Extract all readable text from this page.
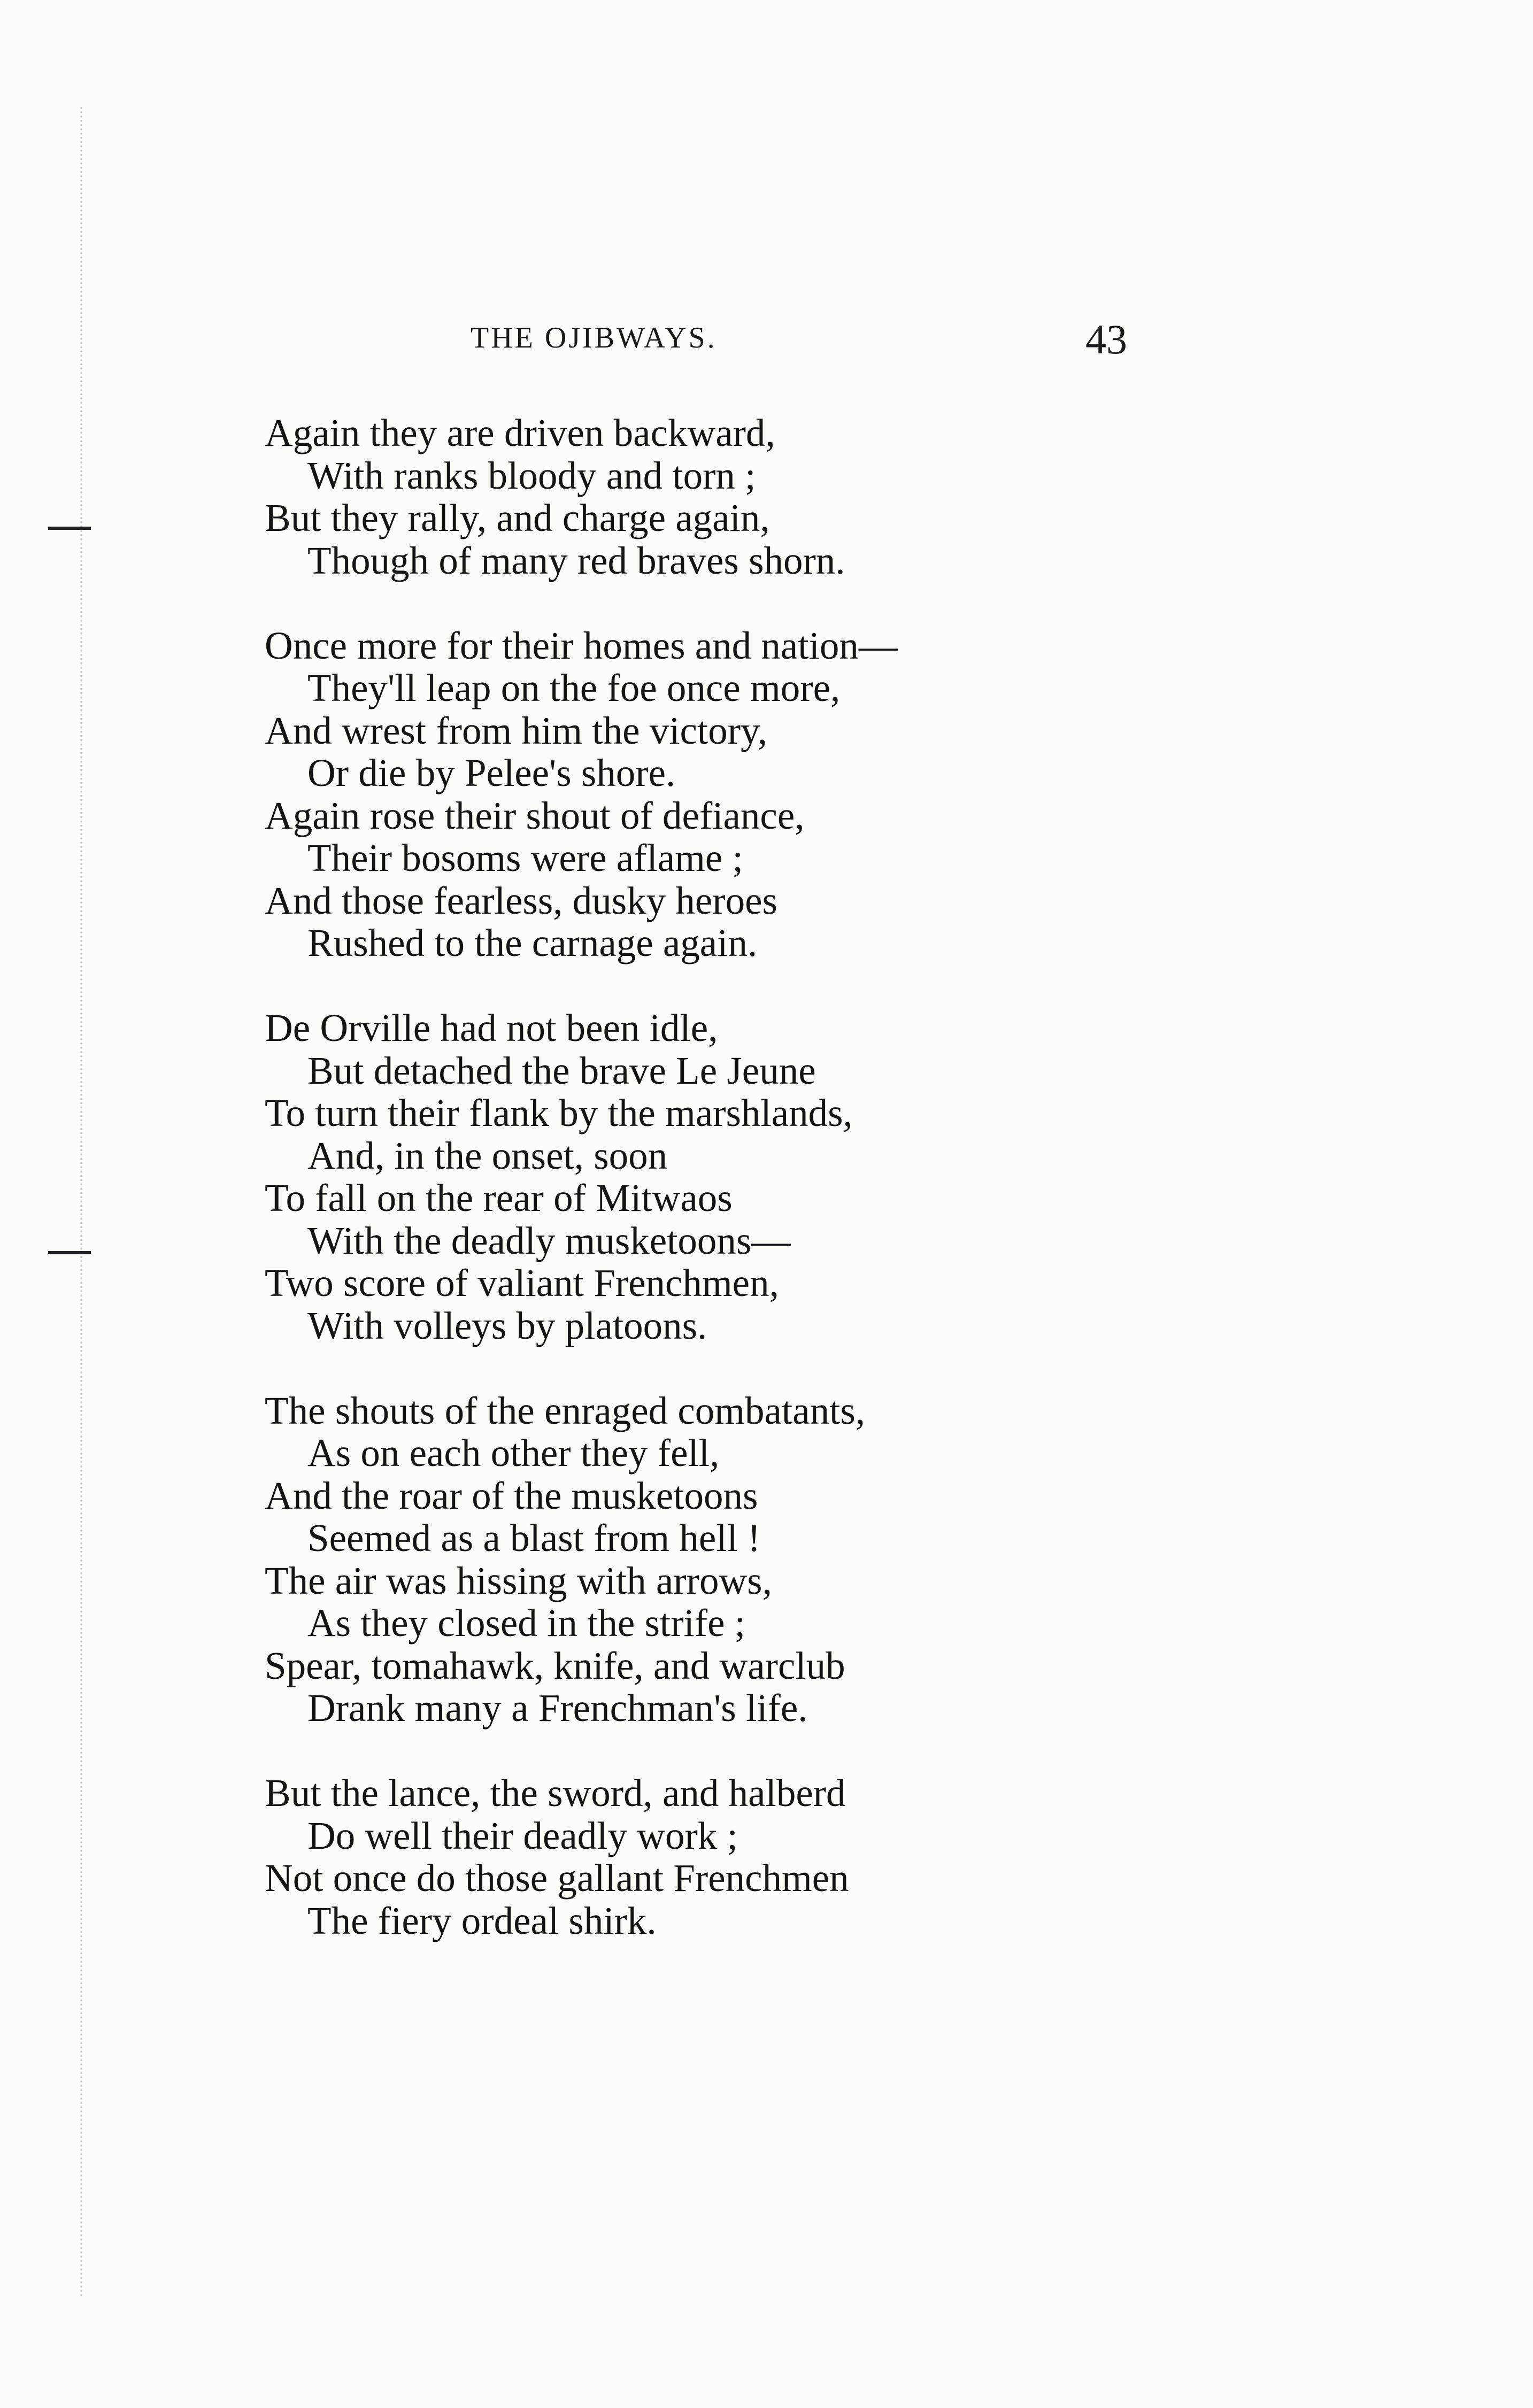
THE OJIBWAYS.	43
Again they are driven backward,
With ranks bloody and torn ;
But they rally, and charge again,
Though of many red braves shorn.
Once more for their homes and nation—
They'll leap on the foe once more,
And wrest from him the victory,
Or die by Pelee's shore.
Again rose their shout of defiance,
Their bosoms were aflame ;
And those fearless, dusky heroes
Rushed to the carnage again.
De Orville had not been idle,
But detached the brave Le Jeune
To turn their flank by the marshlands,
And, in the onset, soon
To fall on the rear of Mitwaos
With the deadly musketoons—
Two score of valiant Frenchmen,
With volleys by platoons.
The shouts of the enraged combatants,
As on each other they fell,
And the roar of the musketoons
Seemed as a blast from hell !
The air was hissing with arrows,
As they closed in the strife ;
Spear, tomahawk, knife, and warclub
Drank many a Frenchman's life.
But the lance, the sword, and halberd
Do well their deadly work ;
Not once do those gallant Frenchmen
The fiery ordeal shirk.
